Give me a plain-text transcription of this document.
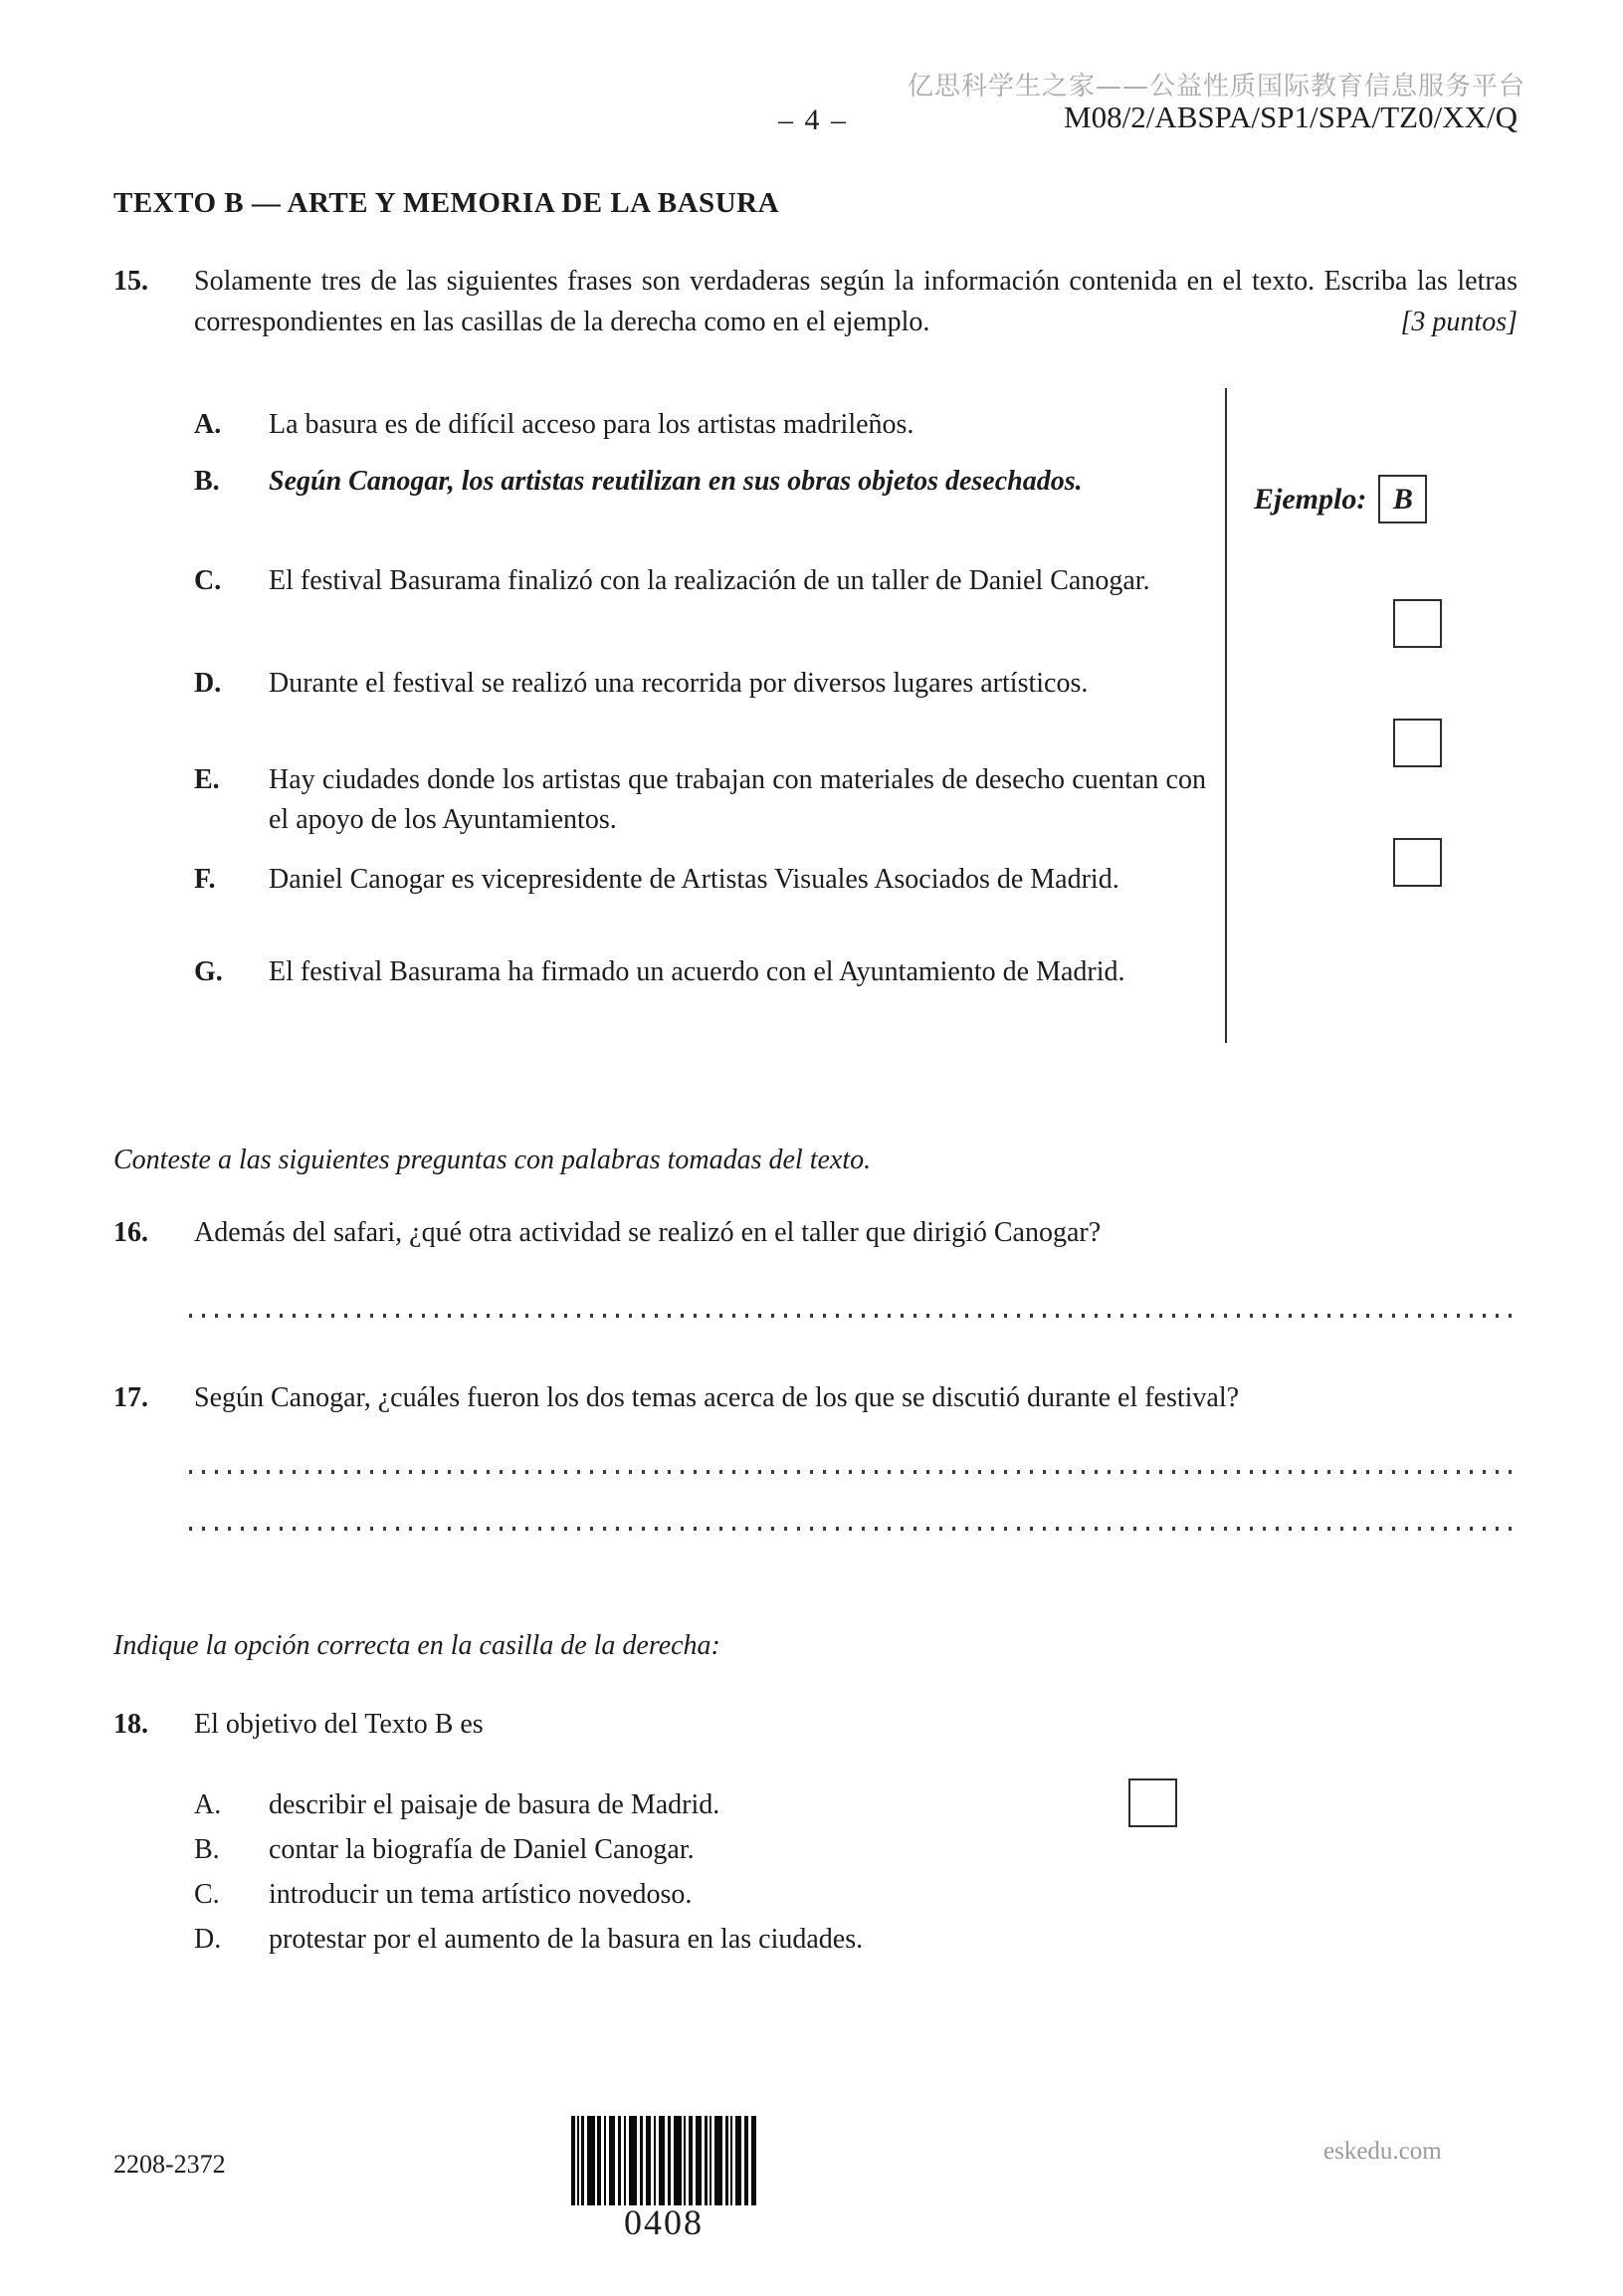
亿思科学生之家——公益性质国际教育信息服务平台
– 4 –	M08/2/ABSPA/SP1/SPA/TZ0/XX/Q
TEXTO B — ARTE Y MEMORIA DE LA BASURA
15.	Solamente tres de las siguientes frases son verdaderas según la información contenida en el texto. Escriba las letras correspondientes en las casillas de la derecha como en el ejemplo.	[3 puntos]
A.	La basura es de difícil acceso para los artistas madrileños.
B.	Según Canogar, los artistas reutilizan en sus obras objetos desechados.
C.	El festival Basurama finalizó con la realización de un taller de Daniel Canogar.
D.	Durante el festival se realizó una recorrida por diversos lugares artísticos.
E.	Hay ciudades donde los artistas que trabajan con materiales de desecho cuentan con el apoyo de los Ayuntamientos.
F.	Daniel Canogar es vicepresidente de Artistas Visuales Asociados de Madrid.
G.	El festival Basurama ha firmado un acuerdo con el Ayuntamiento de Madrid.
Ejemplo: B
Conteste a las siguientes preguntas con palabras tomadas del texto.
16.	Además del safari, ¿qué otra actividad se realizó en el taller que dirigió Canogar?
17.	Según Canogar, ¿cuáles fueron los dos temas acerca de los que se discutió durante el festival?
Indique la opción correcta en la casilla de la derecha:
18.	El objetivo del Texto B es
A.	describir el paisaje de basura de Madrid.
B.	contar la biografía de Daniel Canogar.
C.	introducir un tema artístico novedoso.
D.	protestar por el aumento de la basura en las ciudades.
2208-2372
0408
eskedu.com
